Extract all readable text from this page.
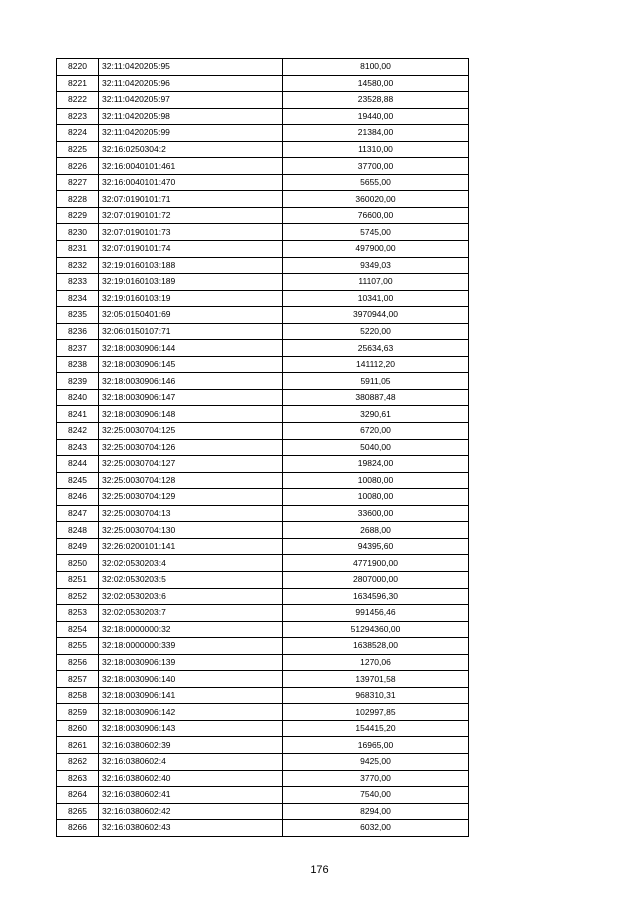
8220	32:11:0420205:95	8100,00
8221	32:11:0420205:96	14580,00
8222	32:11:0420205:97	23528,88
8223	32:11:0420205:98	19440,00
8224	32:11:0420205:99	21384,00
8225	32:16:0250304:2	11310,00
8226	32:16:0040101:461	37700,00
8227	32:16:0040101:470	5655,00
8228	32:07:0190101:71	360020,00
8229	32:07:0190101:72	76600,00
8230	32:07:0190101:73	5745,00
8231	32:07:0190101:74	497900,00
8232	32:19:0160103:188	9349,03
8233	32:19:0160103:189	11107,00
8234	32:19:0160103:19	10341,00
8235	32:05:0150401:69	3970944,00
8236	32:06:0150107:71	5220,00
8237	32:18:0030906:144	25634,63
8238	32:18:0030906:145	141112,20
8239	32:18:0030906:146	5911,05
8240	32:18:0030906:147	380887,48
8241	32:18:0030906:148	3290,61
8242	32:25:0030704:125	6720,00
8243	32:25:0030704:126	5040,00
8244	32:25:0030704:127	19824,00
8245	32:25:0030704:128	10080,00
8246	32:25:0030704:129	10080,00
8247	32:25:0030704:13	33600,00
8248	32:25:0030704:130	2688,00
8249	32:26:0200101:141	94395,60
8250	32:02:0530203:4	4771900,00
8251	32:02:0530203:5	2807000,00
8252	32:02:0530203:6	1634596,30
8253	32:02:0530203:7	991456,46
8254	32:18:0000000:32	51294360,00
8255	32:18:0000000:339	1638528,00
8256	32:18:0030906:139	1270,06
8257	32:18:0030906:140	139701,58
8258	32:18:0030906:141	968310,31
8259	32:18:0030906:142	102997,85
8260	32:18:0030906:143	154415,20
8261	32:16:0380602:39	16965,00
8262	32:16:0380602:4	9425,00
8263	32:16:0380602:40	3770,00
8264	32:16:0380602:41	7540,00
8265	32:16:0380602:42	8294,00
8266	32:16:0380602:43	6032,00
176
